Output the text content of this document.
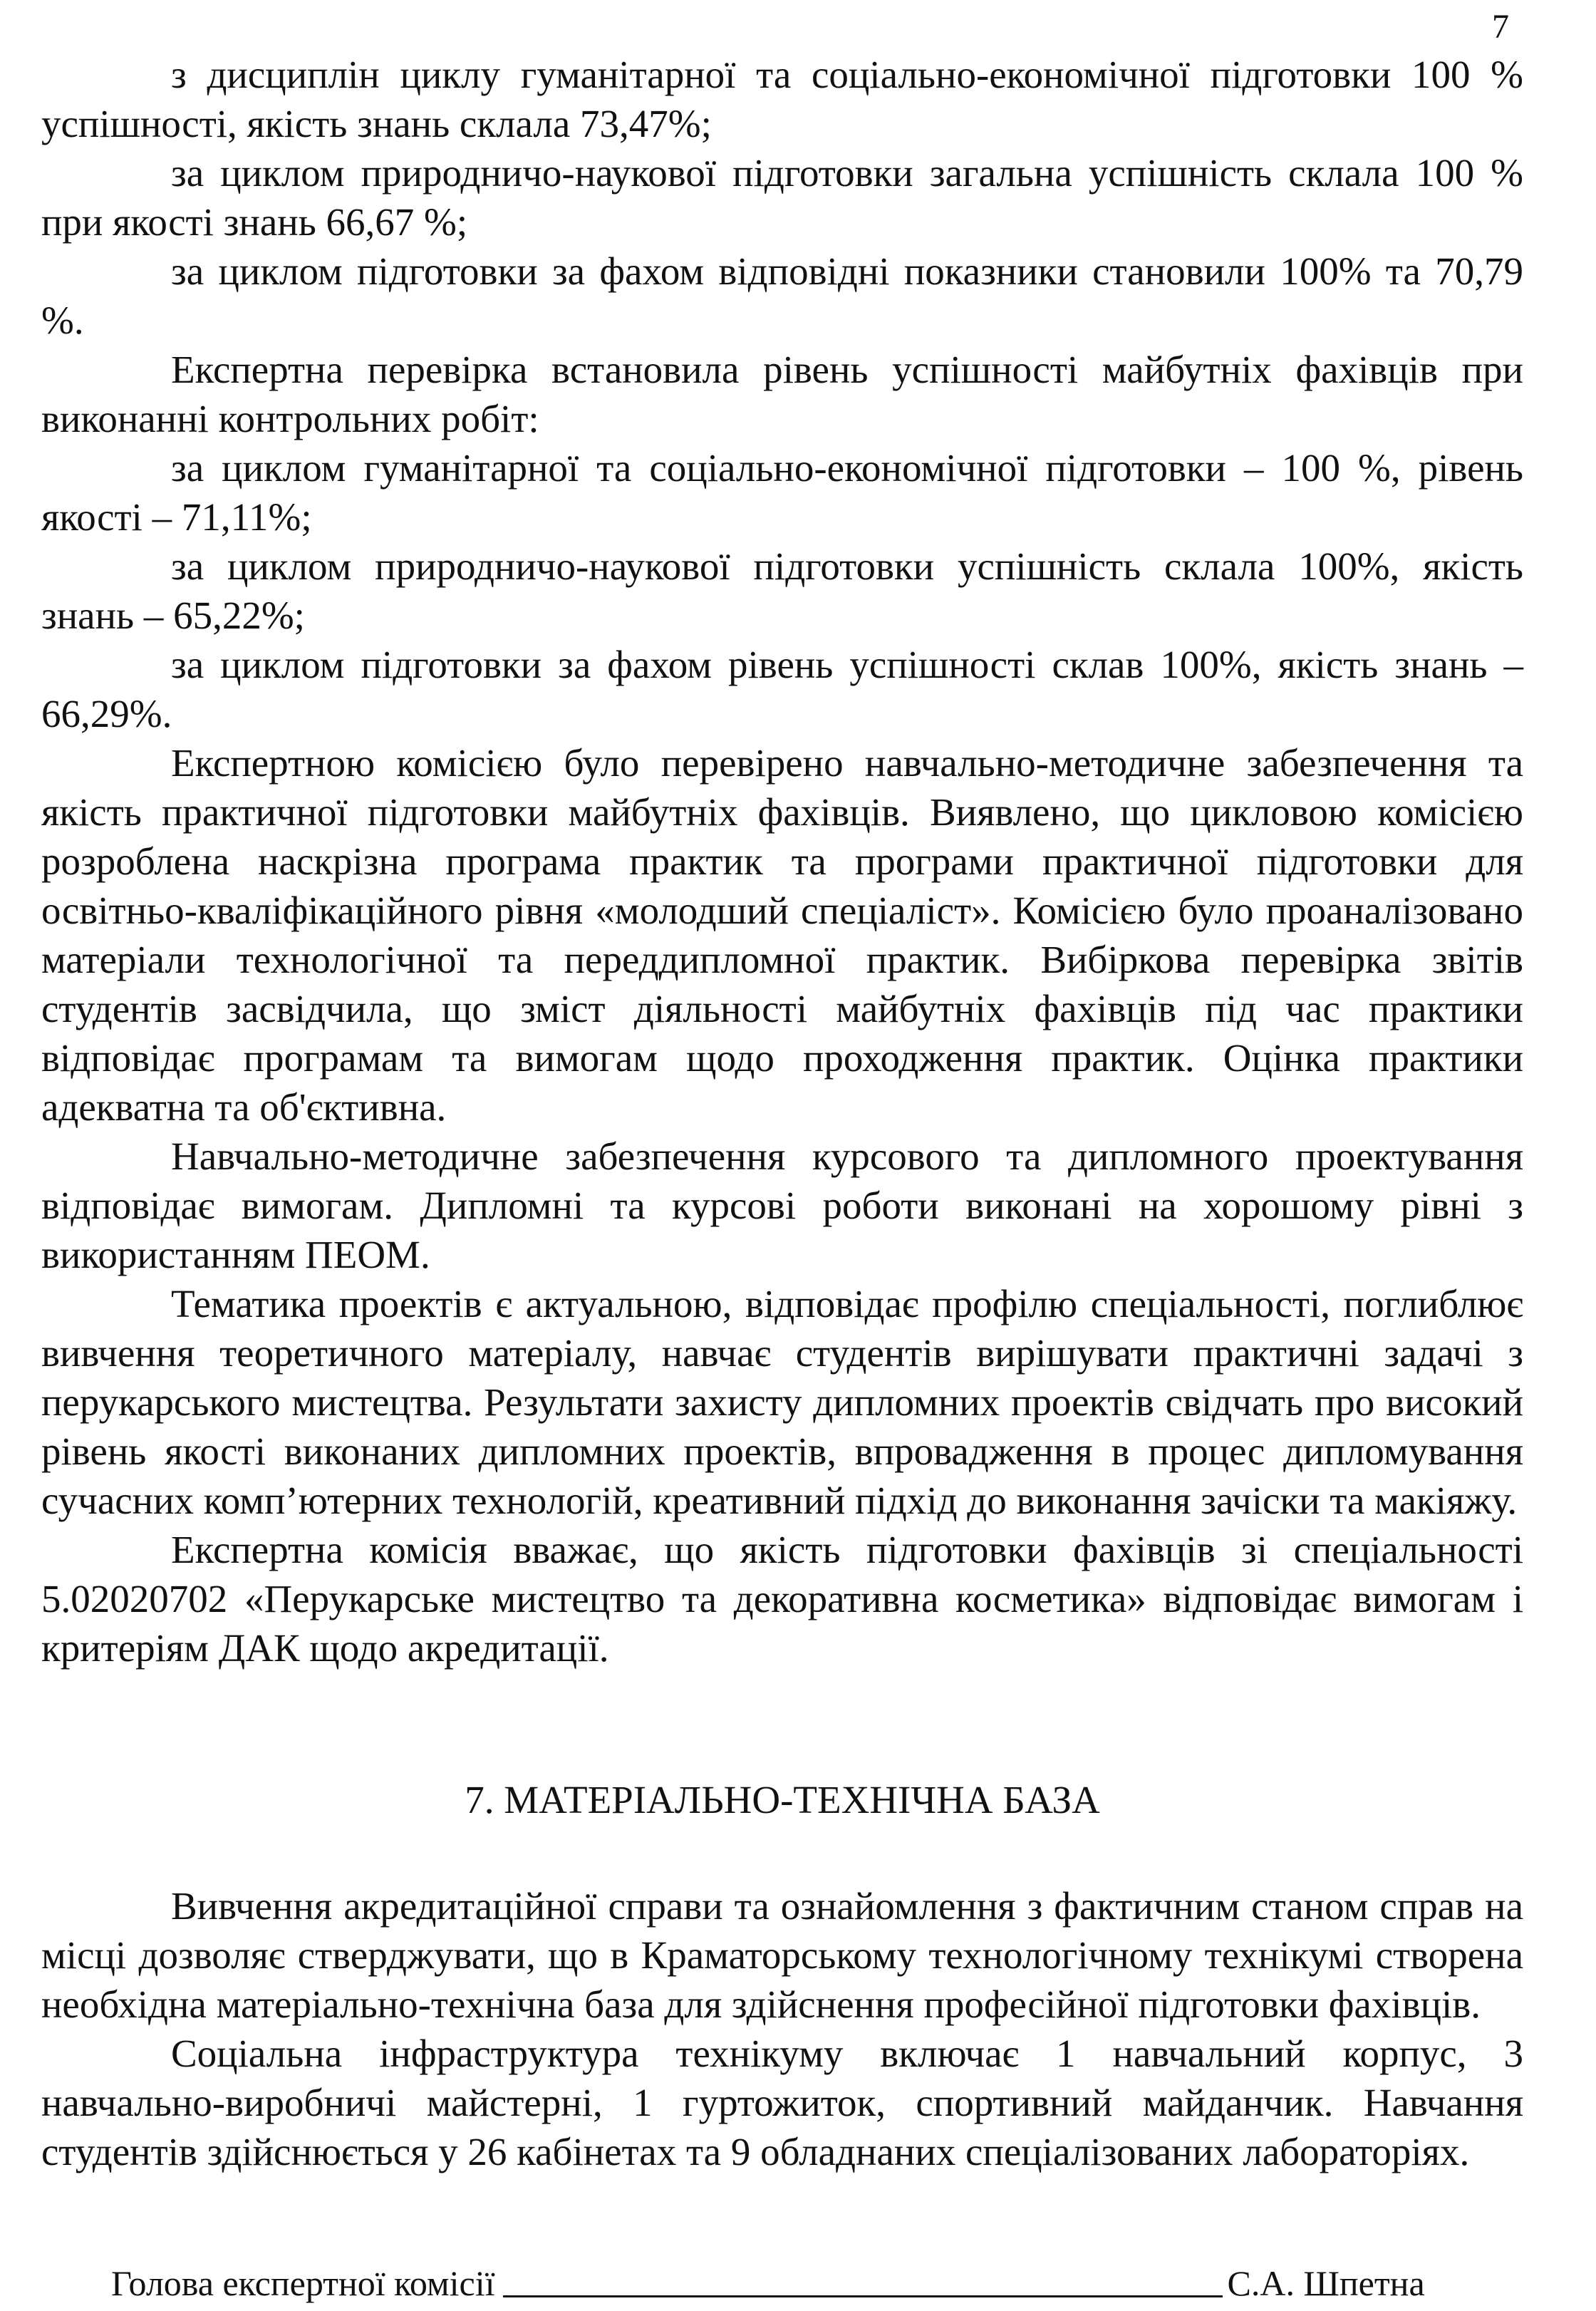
7

з дисциплін циклу гуманітарної та соціально-економічної підготовки 100 % успішності, якість знань склала 73,47%;

за циклом природничо-наукової підготовки загальна успішність склала 100 % при якості знань 66,67 %;

за циклом підготовки за фахом відповідні показники становили 100% та 70,79 %.

Експертна перевірка встановила рівень успішності майбутніх фахівців при виконанні контрольних робіт:

за циклом гуманітарної та соціально-економічної підготовки – 100 %, рівень якості – 71,11%;

за циклом природничо-наукової підготовки успішність склала 100%, якість знань – 65,22%;

за циклом підготовки за фахом рівень успішності склав 100%, якість знань – 66,29%.

Експертною комісією було перевірено навчально-методичне забезпечення та якість практичної підготовки майбутніх фахівців. Виявлено, що цикловою комісією розроблена наскрізна програма практик та програми практичної підготовки для освітньо-кваліфікаційного рівня «молодший спеціаліст». Комісією було проаналізовано матеріали технологічної та переддипломної практик. Вибіркова перевірка звітів студентів засвідчила, що зміст діяльності майбутніх фахівців під час практики відповідає програмам та вимогам щодо проходження практик. Оцінка практики адекватна та об'єктивна.

Навчально-методичне забезпечення курсового та дипломного проектування відповідає вимогам. Дипломні та курсові роботи виконані на хорошому рівні з використанням ПЕОМ.

Тематика проектів є актуальною, відповідає профілю спеціальності, поглиблює вивчення теоретичного матеріалу, навчає студентів вирішувати практичні задачі з перукарського мистецтва. Результати захисту дипломних проектів свідчать про високий рівень якості виконаних дипломних проектів, впровадження в процес дипломування сучасних комп’ютерних технологій, креативний підхід до виконання зачіски та макіяжу.

Експертна комісія вважає, що якість підготовки фахівців зі спеціальності 5.02020702 «Перукарське мистецтво та декоративна косметика» відповідає вимогам і критеріям ДАК щодо акредитації.

7. МАТЕРІАЛЬНО-ТЕХНІЧНА БАЗА

Вивчення акредитаційної справи та ознайомлення з фактичним станом справ на місці дозволяє стверджувати, що в Краматорському технологічному технікумі створена необхідна матеріально-технічна база для здійснення професійної підготовки фахівців.

Соціальна інфраструктура технікуму включає 1 навчальний корпус, 3 навчально-виробничі майстерні, 1 гуртожиток, спортивний майданчик. Навчання студентів здійснюється у 26 кабінетах та 9 обладнаних спеціалізованих лабораторіях.

Голова експертної комісії	С.А. Шпетна
